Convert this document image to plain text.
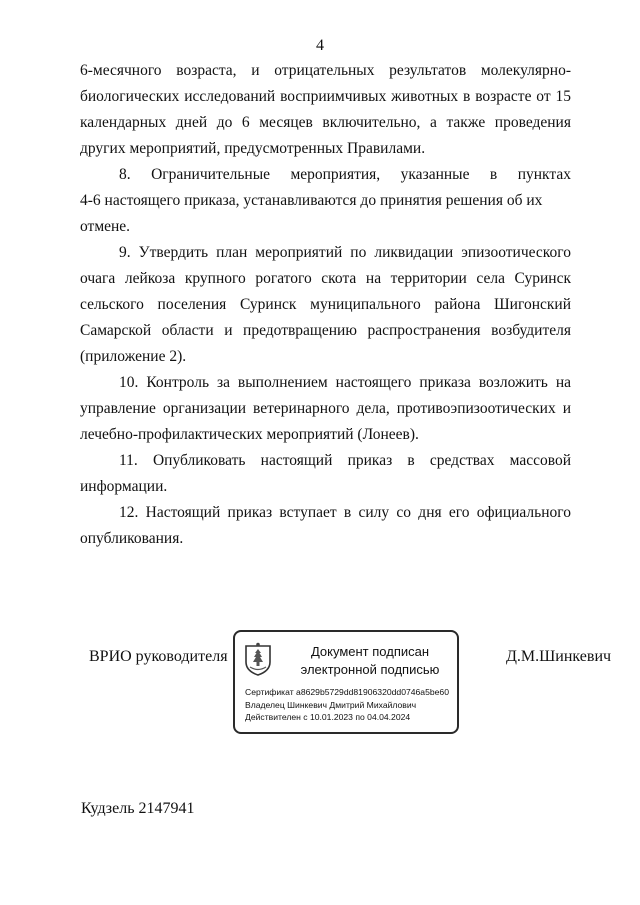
4

6-месячного возраста, и отрицательных результатов молекулярно- биологических исследований восприимчивых животных в возрасте от 15 календарных дней до 6 месяцев включительно, а также проведения других мероприятий, предусмотренных Правилами.

8. Ограничительные мероприятия, указанные в пунктах
4-6 настоящего приказа, устанавливаются до принятия решения об их
отмене.

9. Утвердить план мероприятий по ликвидации эпизоотического очага лейкоза крупного рогатого скота на территории села Суринск сельского поселения Суринск муниципального района Шигонский Самарской области и предотвращению распространения возбудителя (приложение 2).

10. Контроль за выполнением настоящего приказа возложить на управление организации ветеринарного дела, противоэпизоотических и лечебно-профилактических мероприятий (Лонеев).

11. Опубликовать настоящий приказ в средствах массовой информации.

12. Настоящий приказ вступает в силу со дня его официального опубликования.

ВРИО руководителя	Документ подписан
электронной подписью
Сертификат a8629b5729dd81906320dd0746a5be60
Владелец Шинкевич Дмитрий Михайлович
Действителен с 10.01.2023 по 04.04.2024
Д.М.Шинкевич
Кудзель 2147941
